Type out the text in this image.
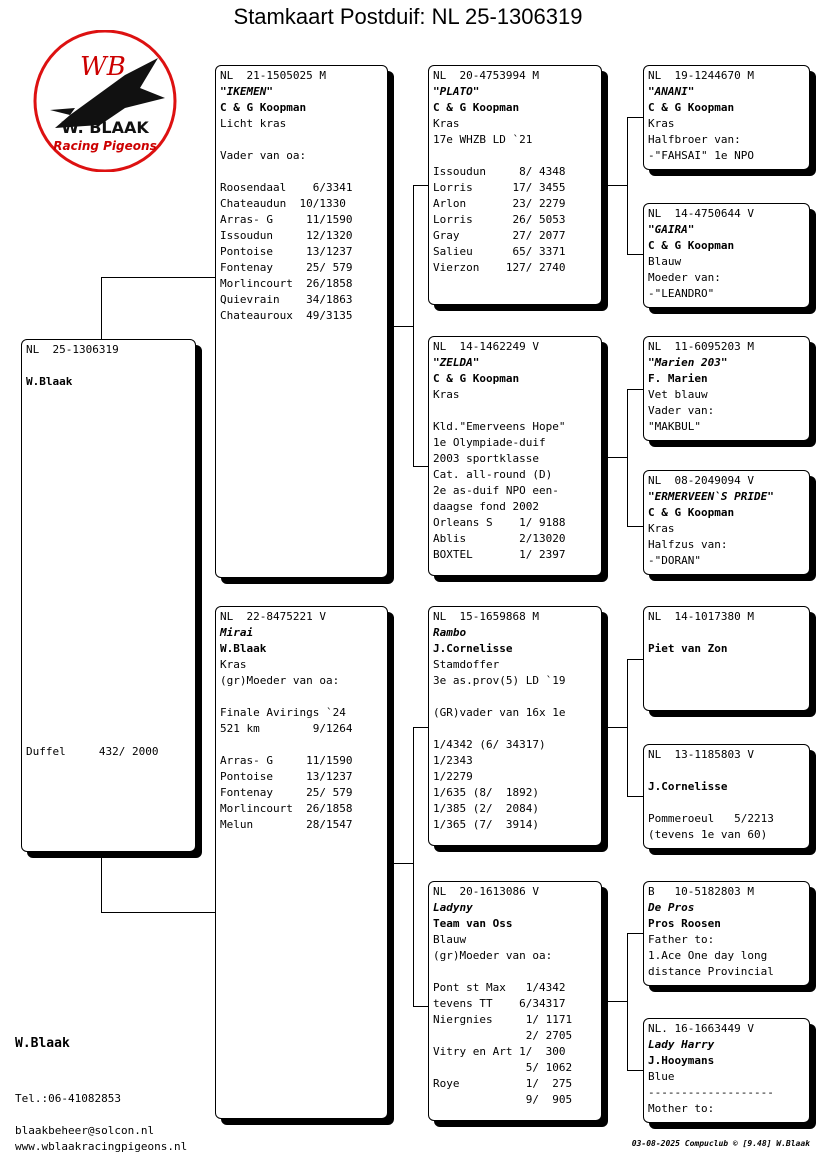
Stamkaart Postduif: NL 25-1306319
WB
W. BLAAK
Racing Pigeons
NL  25-1306319
W.Blaak

Duffel     432/ 2000

NL  21-1505025 M
"IKEMEN"
C & G Koopman
Licht kras
Vader van oa:
Roosendaal    6/3341
Chateaudun  10/1330
Arras- G     11/1590
Issoudun     12/1320
Pontoise     13/1237
Fontenay     25/ 579
Morlincourt  26/1858
Quievrain    34/1863
Chateauroux  49/3135
NL  22-8475221 V
Mirai
W.Blaak
Kras
(gr)Moeder van oa:
Finale Avirings `24
521 km        9/1264
Arras- G     11/1590
Pontoise     13/1237
Fontenay     25/ 579
Morlincourt  26/1858
Melun        28/1547
NL  20-4753994 M
"PLATO"
C & G Koopman
Kras
17e WHZB LD `21
Issoudun     8/ 4348
Lorris      17/ 3455
Arlon       23/ 2279
Lorris      26/ 5053
Gray        27/ 2077
Salieu      65/ 3371
Vierzon    127/ 2740
NL  14-1462249 V
"ZELDA"
C & G Koopman
Kras
Kld."Emerveens Hope"
1e Olympiade-duif
2003 sportklasse
Cat. all-round (D)
2e as-duif NPO een-
daagse fond 2002
Orleans S    1/ 9188
Ablis        2/13020
BOXTEL       1/ 2397
NL  15-1659868 M
Rambo
J.Cornelisse
Stamdoffer
3e as.prov(5) LD `19
(GR)vader van 16x 1e
1/4342 (6/ 34317)
1/2343
1/2279
1/635 (8/  1892)
1/385 (2/  2084)
1/365 (7/  3914)
NL  20-1613086 V
Ladyny
Team van Oss
Blauw
(gr)Moeder van oa:
Pont st Max   1/4342
tevens TT    6/34317
Niergnies     1/ 1171
2/ 2705
Vitry en Art 1/  300
5/ 1062
Roye          1/  275
9/  905
NL  19-1244670 M
"ANANI"
C & G Koopman
Kras
Halfbroer van:
-"FAHSAI" 1e NPO
NL  14-4750644 V
"GAIRA"
C & G Koopman
Blauw
Moeder van:
-"LEANDRO"
NL  11-6095203 M
"Marien 203"
F. Marien
Vet blauw
Vader van:
"MAKBUL"
NL  08-2049094 V
"ERMERVEEN`S PRIDE"
C & G Koopman
Kras
Halfzus van:
-"DORAN"
NL  14-1017380 M
Piet van Zon
NL  13-1185803 V
J.Cornelisse
Pommeroeul   5/2213
(tevens 1e van 60)
B   10-5182803 M
De Pros
Pros Roosen
Father to:
1.Ace One day long
distance Provincial
NL. 16-1663449 V
Lady Harry
J.Hooymans
Blue
-------------------
Mother to:
W.Blaak
Tel.:06-41082853
blaakbeheer@solcon.nl
www.wblaakracingpigeons.nl	03-08-2025 Compuclub © [9.48] W.Blaak
